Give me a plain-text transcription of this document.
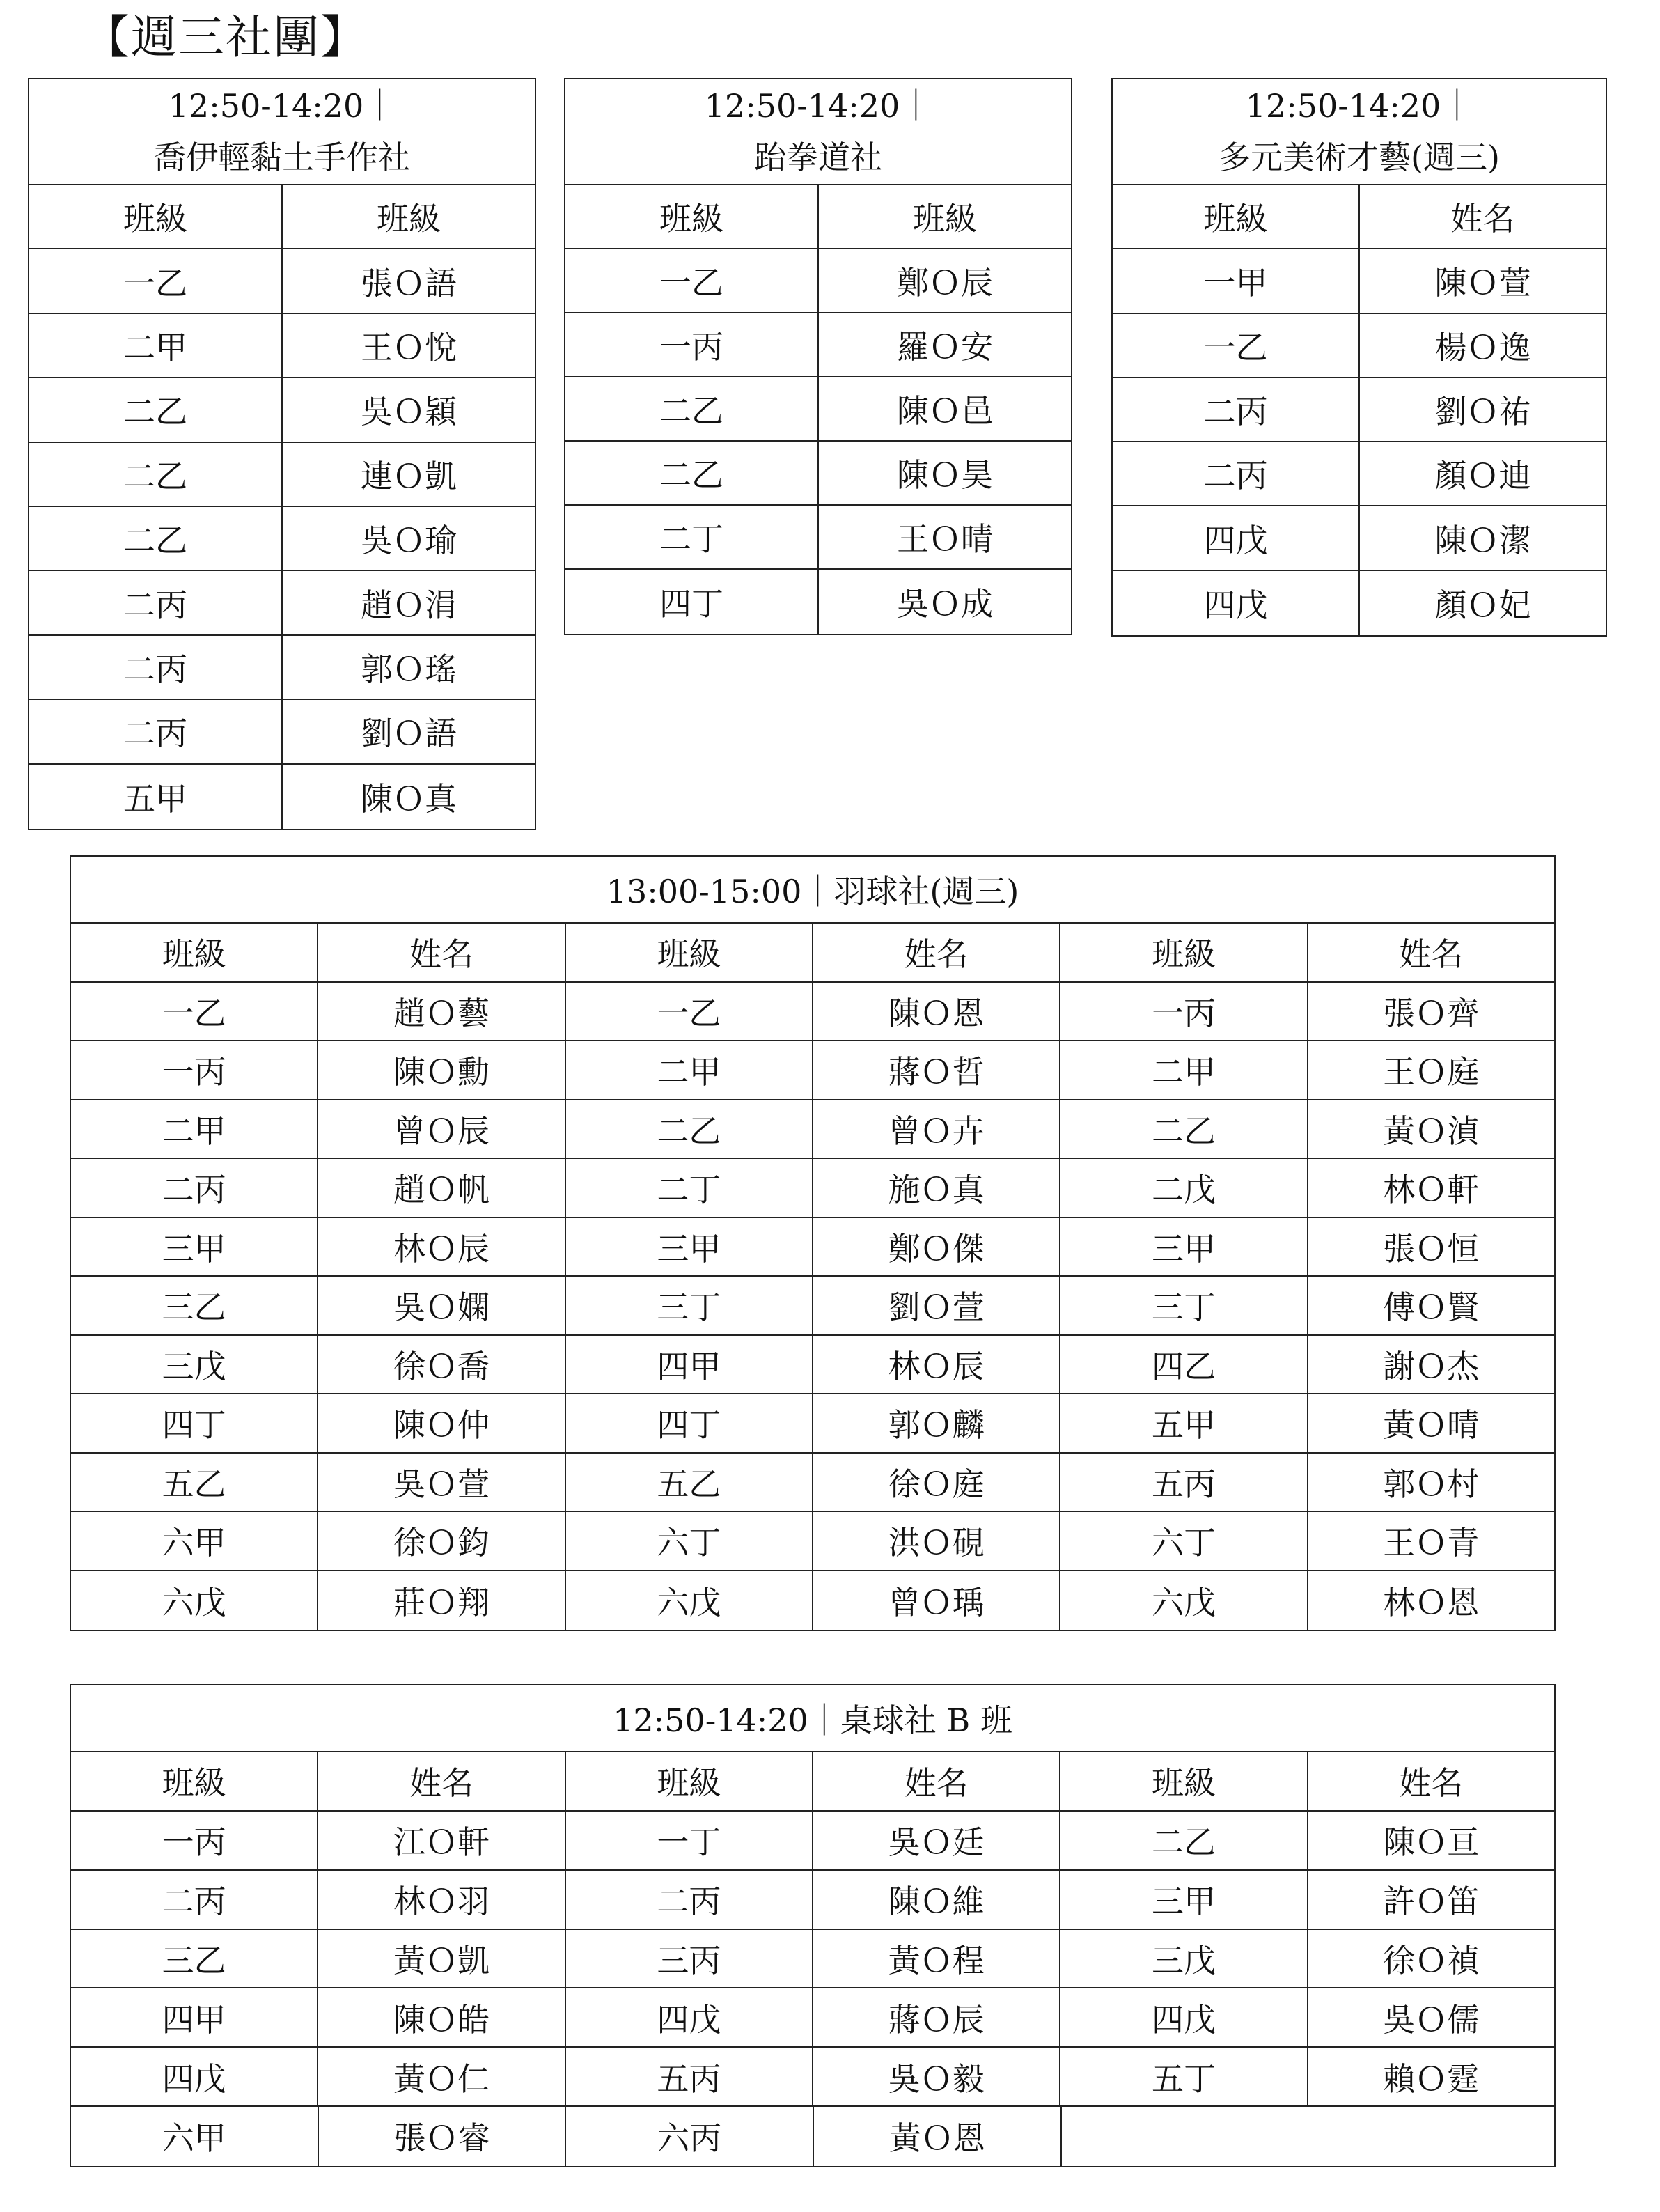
【週三社團】
12:50-14:20｜
喬伊輕黏土手作社
班級	班級
一乙	張Ｏ語
二甲	王Ｏ悅
二乙	吳Ｏ穎
二乙	連Ｏ凱
二乙	吳Ｏ瑜
二丙	趙Ｏ涓
二丙	郭Ｏ瑤
二丙	劉Ｏ語
五甲	陳Ｏ真
12:50-14:20｜
跆拳道社
班級	班級
一乙	鄭Ｏ辰
一丙	羅Ｏ安
二乙	陳Ｏ邑
二乙	陳Ｏ昊
二丁	王Ｏ晴
四丁	吳Ｏ成
12:50-14:20｜
多元美術才藝(週三)
班級	姓名
一甲	陳Ｏ萱
一乙	楊Ｏ逸
二丙	劉Ｏ祐
二丙	顏Ｏ迪
四戊	陳Ｏ潔
四戊	顏Ｏ妃
13:00-15:00｜羽球社(週三)
班級	姓名	班級	姓名	班級	姓名
一乙	趙Ｏ藝	一乙	陳Ｏ恩	一丙	張Ｏ齊
一丙	陳Ｏ勳	二甲	蔣Ｏ哲	二甲	王Ｏ庭
二甲	曾Ｏ辰	二乙	曾Ｏ卉	二乙	黃Ｏ湞
二丙	趙Ｏ帆	二丁	施Ｏ真	二戊	林Ｏ軒
三甲	林Ｏ辰	三甲	鄭Ｏ傑	三甲	張Ｏ恒
三乙	吳Ｏ嫻	三丁	劉Ｏ萱	三丁	傅Ｏ賢
三戊	徐Ｏ喬	四甲	林Ｏ辰	四乙	謝Ｏ杰
四丁	陳Ｏ仲	四丁	郭Ｏ麟	五甲	黃Ｏ晴
五乙	吳Ｏ萱	五乙	徐Ｏ庭	五丙	郭Ｏ村
六甲	徐Ｏ鈞	六丁	洪Ｏ硯	六丁	王Ｏ青
六戊	莊Ｏ翔	六戊	曾Ｏ瑀	六戊	林Ｏ恩
12:50-14:20｜桌球社 B 班
班級	姓名	班級	姓名	班級	姓名
一丙	江Ｏ軒	一丁	吳Ｏ廷	二乙	陳Ｏ亘
二丙	林Ｏ羽	二丙	陳Ｏ維	三甲	許Ｏ笛
三乙	黃Ｏ凱	三丙	黃Ｏ程	三戊	徐Ｏ禎
四甲	陳Ｏ皓	四戊	蔣Ｏ辰	四戊	吳Ｏ儒
四戊	黃Ｏ仁	五丙	吳Ｏ毅	五丁	賴Ｏ霆
六甲	張Ｏ睿	六丙	黃Ｏ恩
